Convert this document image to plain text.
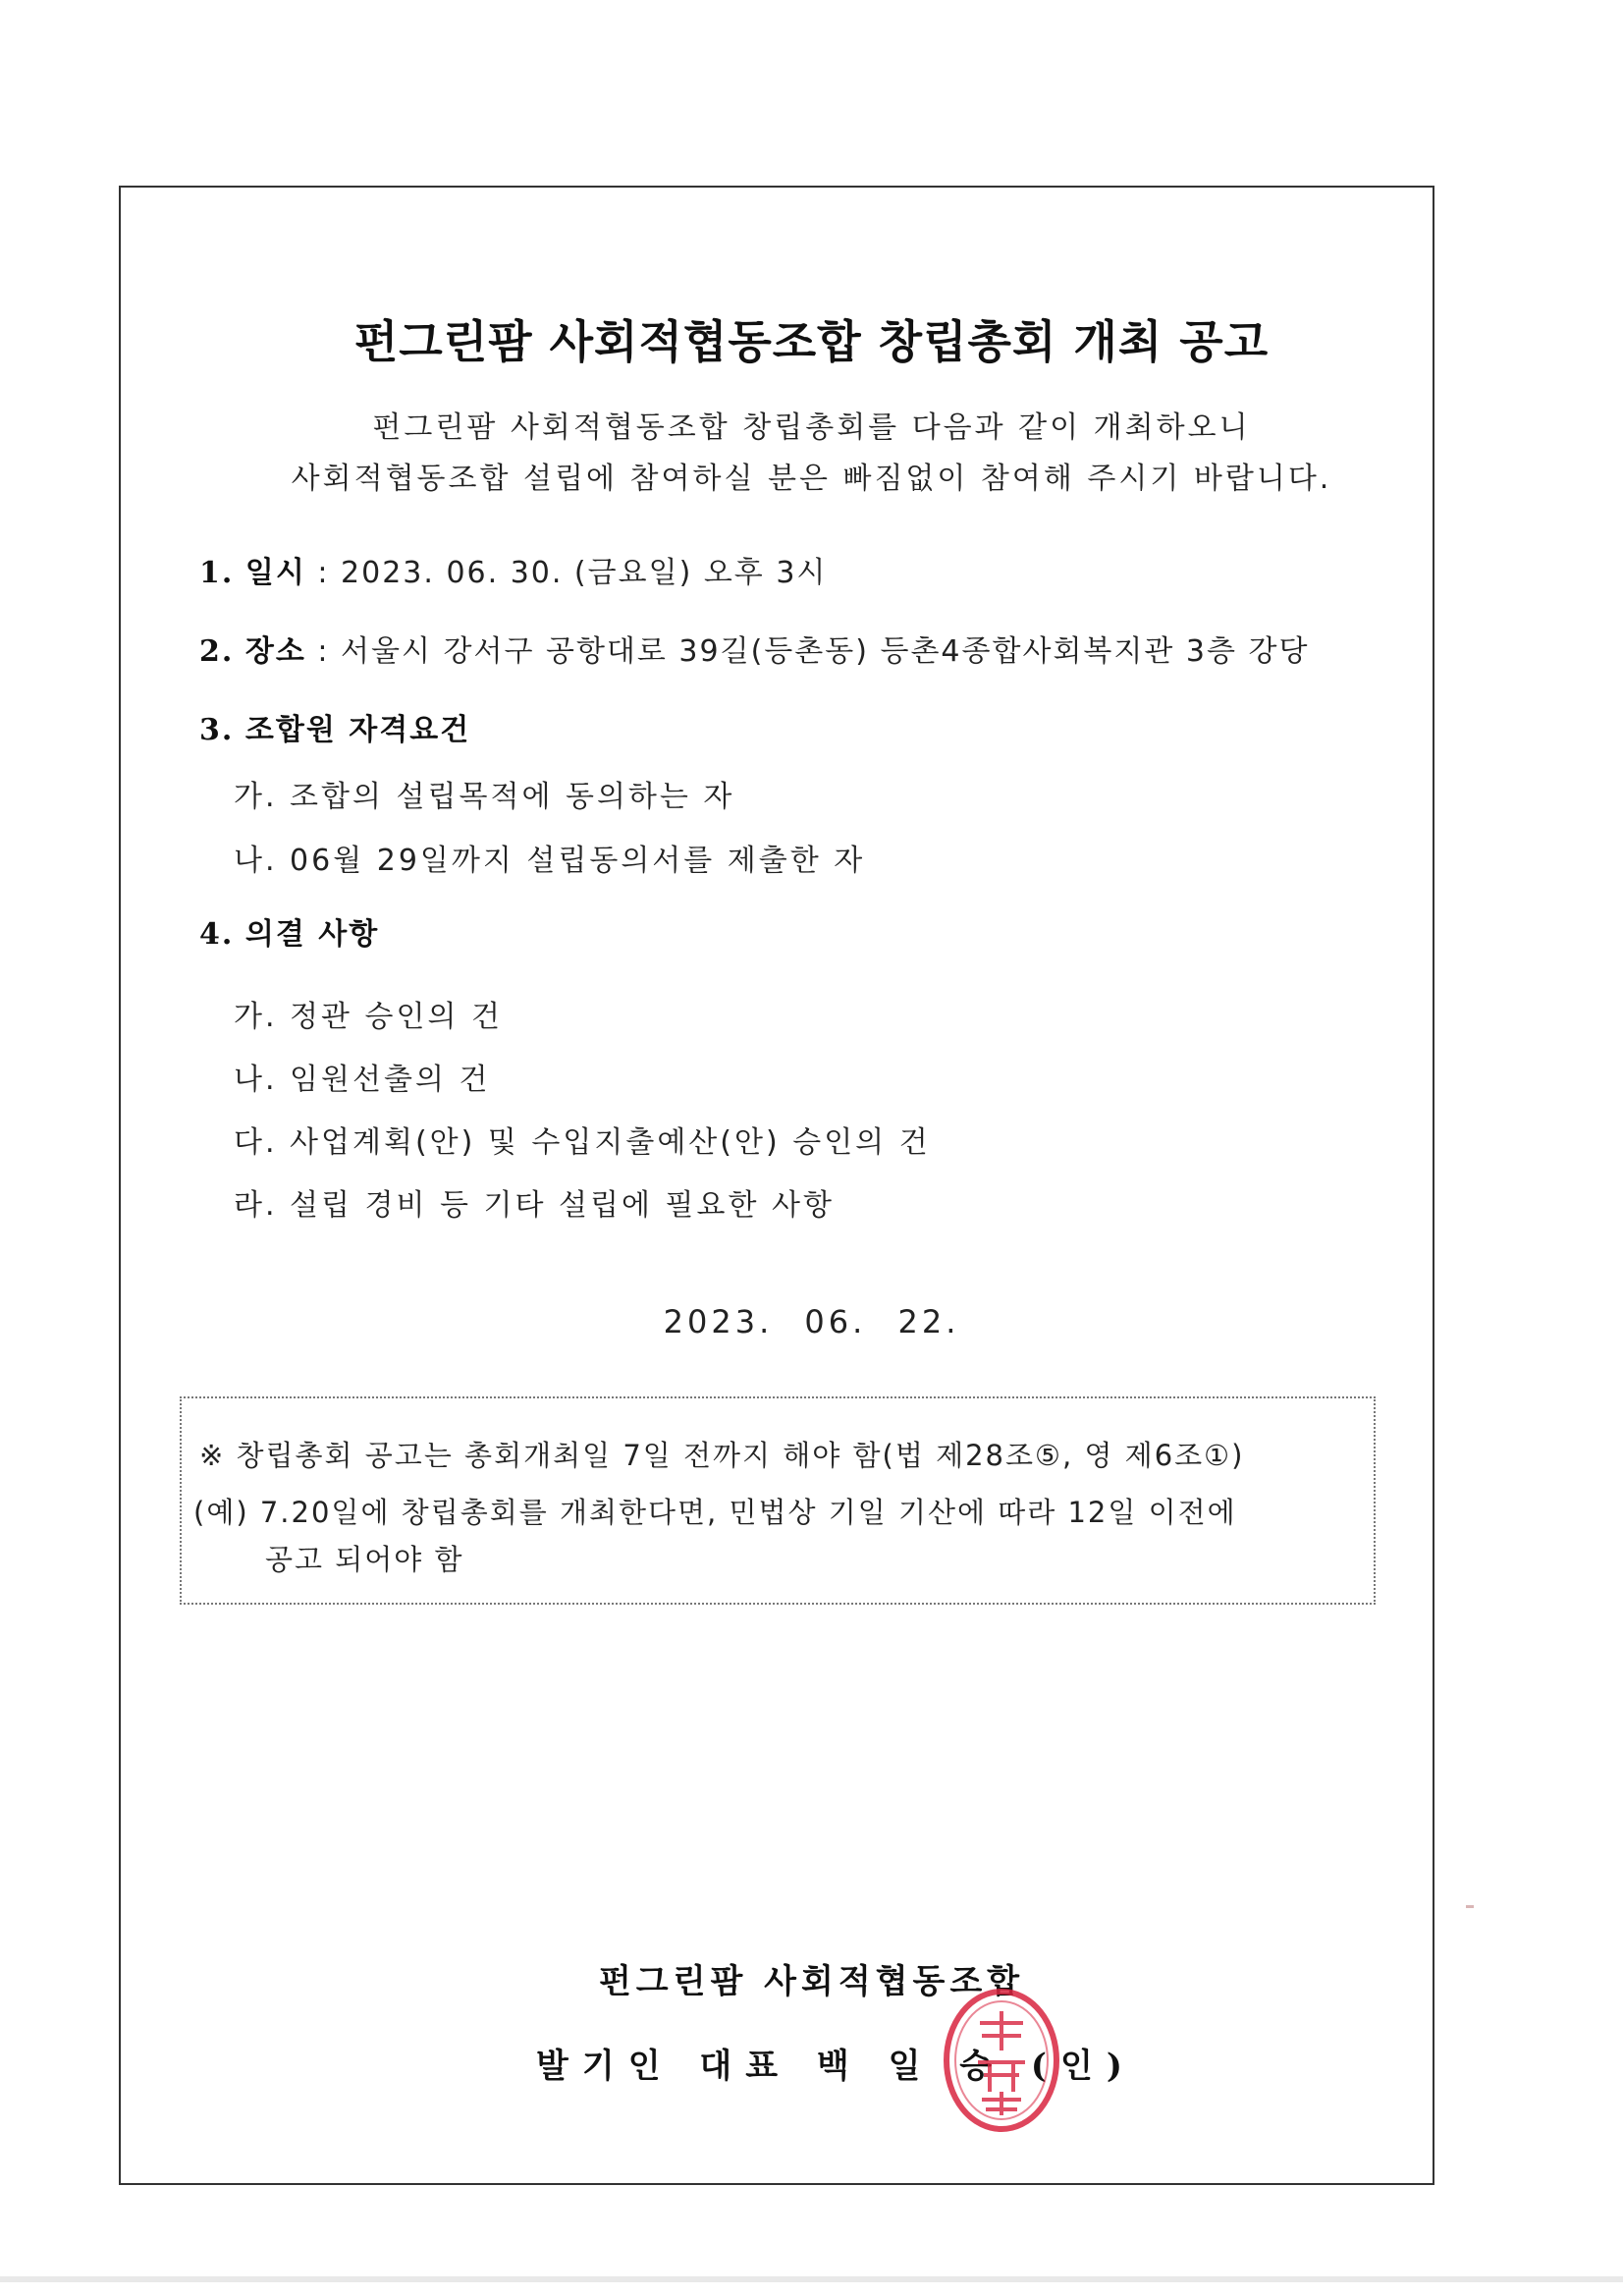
펀그린팜 사회적협동조합 창립총회 개최 공고
펀그린팜 사회적협동조합 창립총회를 다음과 같이 개최하오니
사회적협동조합 설립에 참여하실 분은 빠짐없이 참여해 주시기 바랍니다.
1. 일시 : 2023. 06. 30. (금요일) 오후 3시
2. 장소 : 서울시 강서구 공항대로 39길(등촌동) 등촌4종합사회복지관 3층 강당
3. 조합원 자격요건
가. 조합의 설립목적에 동의하는 자
나. 06월 29일까지 설립동의서를 제출한 자
4. 의결 사항
가. 정관 승인의 건
나. 임원선출의 건
다. 사업계획(안) 및 수입지출예산(안) 승인의 건
라. 설립 경비 등 기타 설립에 필요한 사항
2023. 06. 22.
※ 창립총회 공고는 총회개최일 7일 전까지 해야 함(법 제28조⑤, 영 제6조①)
(예) 7.20일에 창립총회를 개최한다면, 민법상 기일 기산에 따라 12일 이전에
공고 되어야 함
펀그린팜 사회적협동조합
발기인 대표 백 일 승 (인)
